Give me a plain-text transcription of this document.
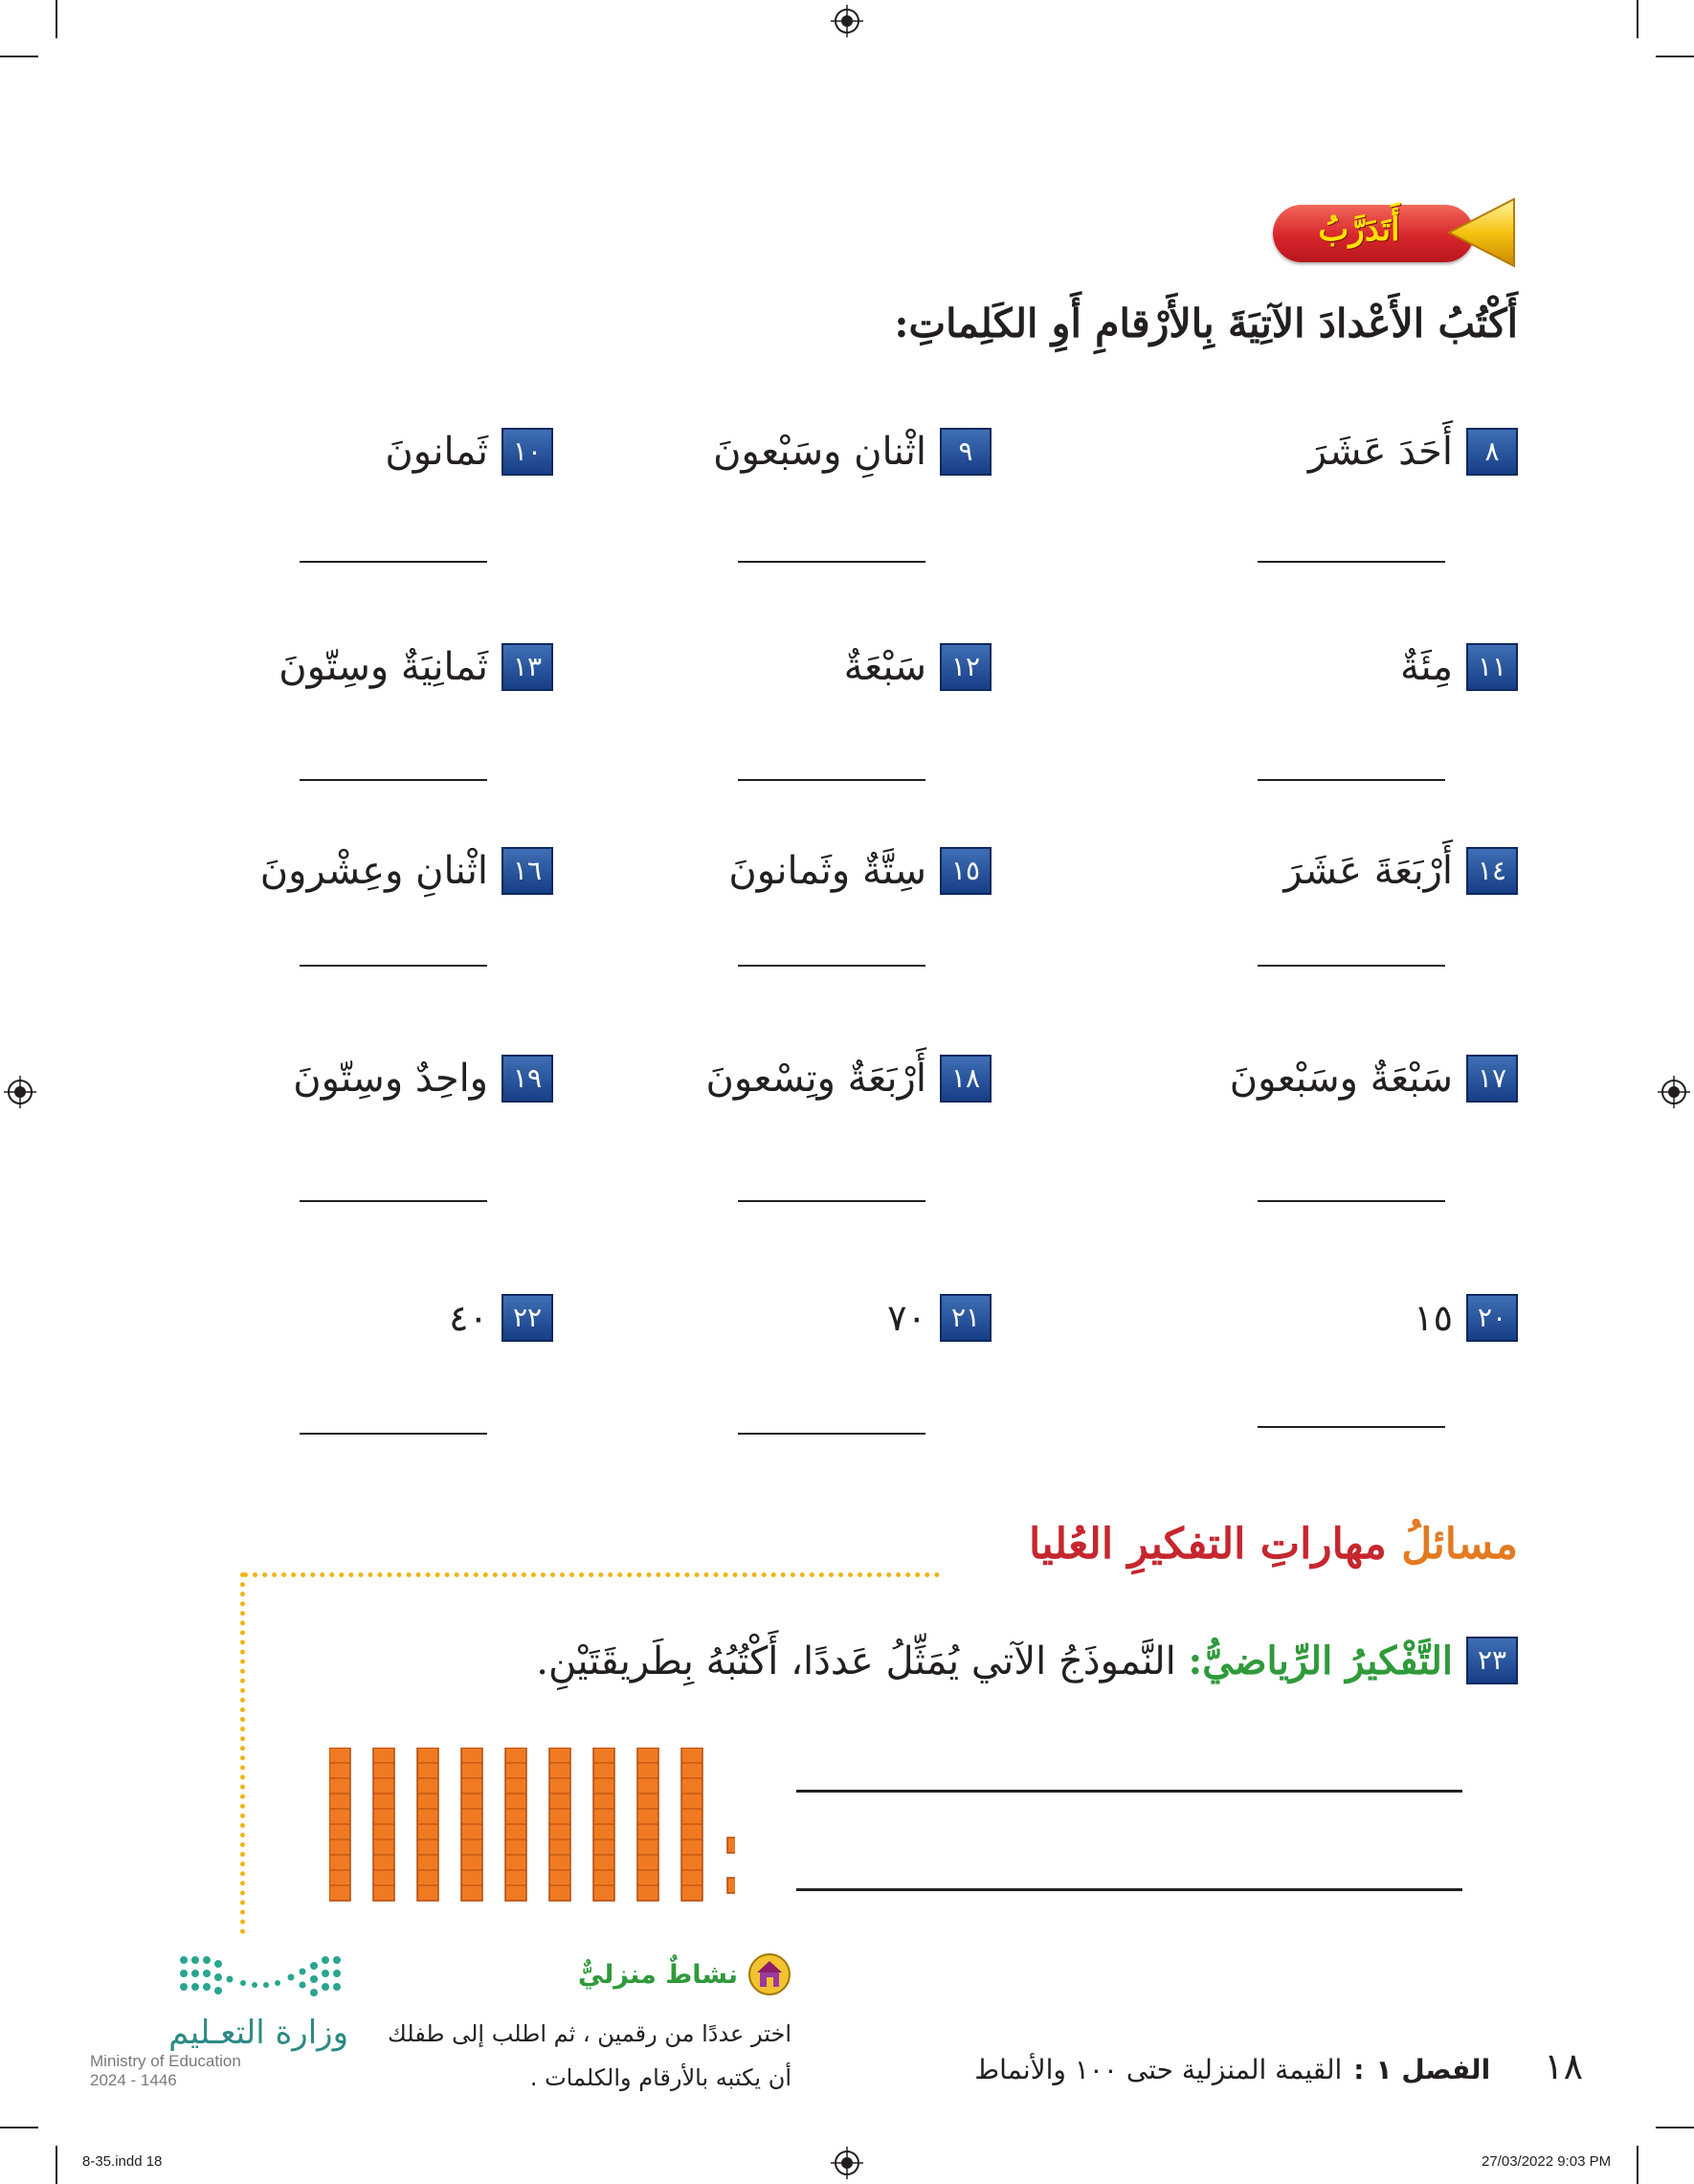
أَتَدَرَّبُ
أَكْتُبُ الأَعْدادَ الآتِيَةَ بِالأَرْقامِ أَوِ الكَلِماتِ:
٨
أَحَدَ عَشَرَ
٩
اثْنانِ وسَبْعونَ
١٠
ثَمانونَ
١١
مِئَةٌ
١٢
سَبْعَةٌ
١٣
ثَمانِيَةٌ وسِتّونَ
١٤
أَرْبَعَةَ عَشَرَ
١٥
سِتَّةٌ وثَمانونَ
١٦
اثْنانِ وعِشْرونَ
١٧
سَبْعَةٌ وسَبْعونَ
١٨
أَرْبَعَةٌ وتِسْعونَ
١٩
واحِدٌ وسِتّونَ
٢٠
١٥
٢١
٧٠
٢٢
٤٠
مسائلُ مهاراتِ التفكيرِ العُليا
٢٣
التَّفْكيرُ الرِّياضيُّ: النَّموذَجُ الآتي يُمَثِّلُ عَددًا، أَكْتُبُهُ بِطَريقَتَيْنِ.
نشاطٌ منزليٌّ

اختر عددًا من رقمين ، ثم اطلب إلى طفلك
أن يكتبه بالأرقام والكلمات .

وزارة التعـليم
Ministry of Education
2024 - 1446	١٨
الفصل ١
:
القيمة المنزلية حتى ١٠٠ والأنماط
8-35.indd 18	27/03/2022 9:03 PM
